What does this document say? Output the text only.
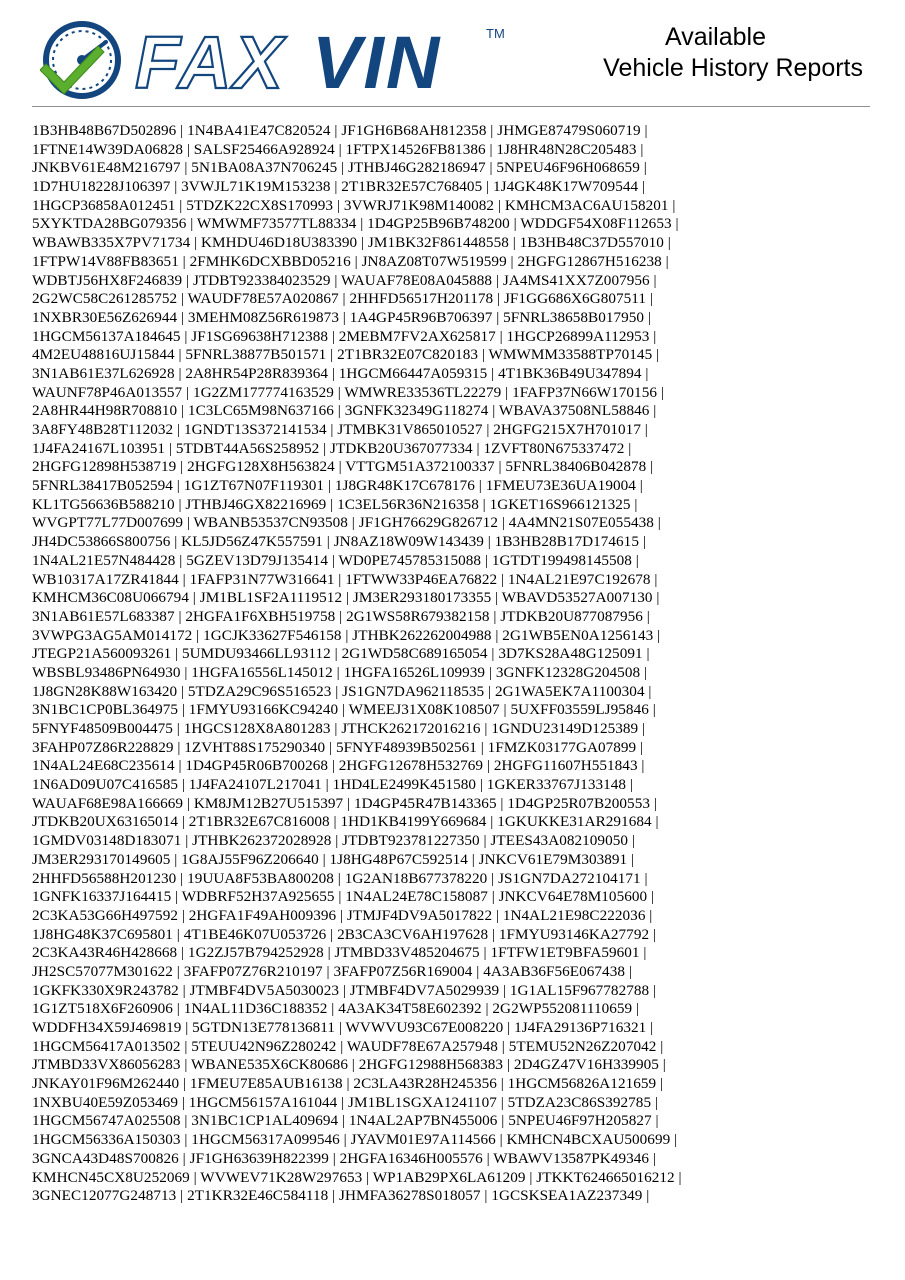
FAX VIN	TM	Available
Vehicle History Reports
1B3HB48B67D502896 | 1N4BA41E47C820524 | JF1GH6B68AH812358 | JHMGE87479S060719 |
1FTNE14W39DA06828 | SALSF25466A928924 | 1FTPX14526FB81386 | 1J8HR48N28C205483 |
JNKBV61E48M216797 | 5N1BA08A37N706245 | JTHBJ46G282186947 | 5NPEU46F96H068659 |
1D7HU18228J106397 | 3VWJL71K19M153238 | 2T1BR32E57C768405 | 1J4GK48K17W709544 |
1HGCP36858A012451 | 5TDZK22CX8S170993 | 3VWRJ71K98M140082 | KMHCM3AC6AU158201 |
5XYKTDA28BG079356 | WMWMF73577TL88334 | 1D4GP25B96B748200 | WDDGF54X08F112653 |
WBAWB335X7PV71734 | KMHDU46D18U383390 | JM1BK32F861448558 | 1B3HB48C37D557010 |
1FTPW14V88FB83651 | 2FMHK6DCXBBD05216 | JN8AZ08T07W519599 | 2HGFG12867H516238 |
WDBTJ56HX8F246839 | JTDBT923384023529 | WAUAF78E08A045888 | JA4MS41XX7Z007956 |
2G2WC58C261285752 | WAUDF78E57A020867 | 2HHFD56517H201178 | JF1GG686X6G807511 |
1NXBR30E56Z626944 | 3MEHM08Z56R619873 | 1A4GP45R96B706397 | 5FNRL38658B017950 |
1HGCM56137A184645 | JF1SG69638H712388 | 2MEBM7FV2AX625817 | 1HGCP26899A112953 |
4M2EU48816UJ15844 | 5FNRL38877B501571 | 2T1BR32E07C820183 | WMWMM33588TP70145 |
3N1AB61E37L626928 | 2A8HR54P28R839364 | 1HGCM66447A059315 | 4T1BK36B49U347894 |
WAUNF78P46A013557 | 1G2ZM177774163529 | WMWRE33536TL22279 | 1FAFP37N66W170156 |
2A8HR44H98R708810 | 1C3LC65M98N637166 | 3GNFK32349G118274 | WBAVA37508NL58846 |
3A8FY48B28T112032 | 1GNDT13S372141534 | JTMBK31V865010527 | 2HGFG215X7H701017 |
1J4FA24167L103951 | 5TDBT44A56S258952 | JTDKB20U367077334 | 1ZVFT80N675337472 |
2HGFG12898H538719 | 2HGFG128X8H563824 | VTTGM51A372100337 | 5FNRL38406B042878 |
5FNRL38417B052594 | 1G1ZT67N07F119301 | 1J8GR48K17C678176 | 1FMEU73E36UA19004 |
KL1TG56636B588210 | JTHBJ46GX82216969 | 1C3EL56R36N216358 | 1GKET16S966121325 |
WVGPT77L77D007699 | WBANB53537CN93508 | JF1GH76629G826712 | 4A4MN21S07E055438 |
JH4DC53866S800756 | KL5JD56Z47K557591 | JN8AZ18W09W143439 | 1B3HB28B17D174615 |
1N4AL21E57N484428 | 5GZEV13D79J135414 | WD0PE745785315088 | 1GTDT199498145508 |
WB10317A17ZR41844 | 1FAFP31N77W316641 | 1FTWW33P46EA76822 | 1N4AL21E97C192678 |
KMHCM36C08U066794 | JM1BL1SF2A1119512 | JM3ER293180173355 | WBAVD53527A007130 |
3N1AB61E57L683387 | 2HGFA1F6XBH519758 | 2G1WS58R679382158 | JTDKB20U877087956 |
3VWPG3AG5AM014172 | 1GCJK33627F546158 | JTHBK262262004988 | 2G1WB5EN0A1256143 |
JTEGP21A560093261 | 5UMDU93466LL93112 | 2G1WD58C689165054 | 3D7KS28A48G125091 |
WBSBL93486PN64930 | 1HGFA16556L145012 | 1HGFA16526L109939 | 3GNFK12328G204508 |
1J8GN28K88W163420 | 5TDZA29C96S516523 | JS1GN7DA962118535 | 2G1WA5EK7A1100304 |
3N1BC1CP0BL364975 | 1FMYU93166KC94240 | WMEEJ31X08K108507 | 5UXFF03559LJ95846 |
5FNYF48509B004475 | 1HGCS128X8A801283 | JTHCK262172016216 | 1GNDU23149D125389 |
3FAHP07Z86R228829 | 1ZVHT88S175290340 | 5FNYF48939B502561 | 1FMZK03177GA07899 |
1N4AL24E68C235614 | 1D4GP45R06B700268 | 2HGFG12678H532769 | 2HGFG11607H551843 |
1N6AD09U07C416585 | 1J4FA24107L217041 | 1HD4LE2499K451580 | 1GKER33767J133148 |
WAUAF68E98A166669 | KM8JM12B27U515397 | 1D4GP45R47B143365 | 1D4GP25R07B200553 |
JTDKB20UX63165014 | 2T1BR32E67C816008 | 1HD1KB4199Y669684 | 1GKUKKE31AR291684 |
1GMDV03148D183071 | JTHBK262372028928 | JTDBT923781227350 | JTEES43A082109050 |
JM3ER293170149605 | 1G8AJ55F96Z206640 | 1J8HG48P67C592514 | JNKCV61E79M303891 |
2HHFD56588H201230 | 19UUA8F53BA800208 | 1G2AN18B677378220 | JS1GN7DA272104171 |
1GNFK16337J164415 | WDBRF52H37A925655 | 1N4AL24E78C158087 | JNKCV64E78M105600 |
2C3KA53G66H497592 | 2HGFA1F49AH009396 | JTMJF4DV9A5017822 | 1N4AL21E98C222036 |
1J8HG48K37C695801 | 4T1BE46K07U053726 | 2B3CA3CV6AH197628 | 1FMYU93146KA27792 |
2C3KA43R46H428668 | 1G2ZJ57B794252928 | JTMBD33V485204675 | 1FTFW1ET9BFA59601 |
JH2SC57077M301622 | 3FAFP07Z76R210197 | 3FAFP07Z56R169004 | 4A3AB36F56E067438 |
1GKFK330X9R243782 | JTMBF4DV5A5030023 | JTMBF4DV7A5029939 | 1G1AL15F967782788 |
1G1ZT518X6F260906 | 1N4AL11D36C188352 | 4A3AK34T58E602392 | 2G2WP552081110659 |
WDDFH34X59J469819 | 5GTDN13E778136811 | WVWVU93C67E008220 | 1J4FA29136P716321 |
1HGCM56417A013502 | 5TEUU42N96Z280242 | WAUDF78E67A257948 | 5TEMU52N26Z207042 |
JTMBD33VX86056283 | WBANE535X6CK80686 | 2HGFG12988H568383 | 2D4GZ47V16H339905 |
JNKAY01F96M262440 | 1FMEU7E85AUB16138 | 2C3LA43R28H245356 | 1HGCM56826A121659 |
1NXBU40E59Z053469 | 1HGCM56157A161044 | JM1BL1SGXA1241107 | 5TDZA23C86S392785 |
1HGCM56747A025508 | 3N1BC1CP1AL409694 | 1N4AL2AP7BN455006 | 5NPEU46F97H205827 |
1HGCM56336A150303 | 1HGCM56317A099546 | JYAVM01E97A114566 | KMHCN4BCXAU500699 |
3GNCA43D48S700826 | JF1GH63639H822399 | 2HGFA16346H005576 | WBAWV13587PK49346 |
KMHCN45CX8U252069 | WVWEV71K28W297653 | WP1AB29PX6LA61209 | JTKKT624665016212 |
3GNEC12077G248713 | 2T1KR32E46C584118 | JHMFA36278S018057 | 1GCSKSEA1AZ237349 |
